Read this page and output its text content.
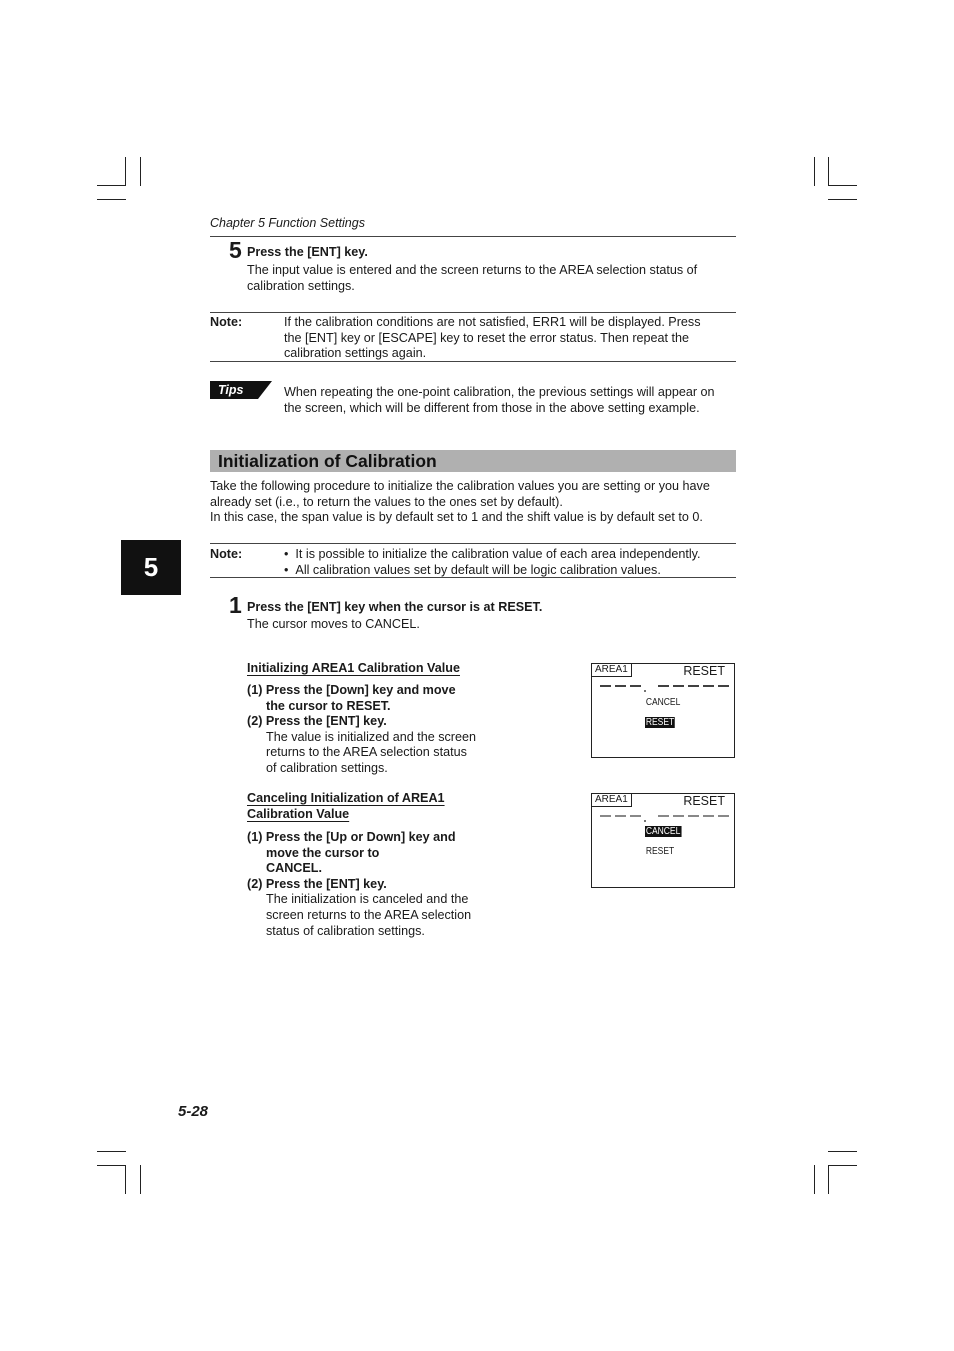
Chapter 5 Function Settings
5 Press the [ENT] key.
The input value is entered and the screen returns to the AREA selection status of
calibration settings.
Note:	If the calibration conditions are not satisfied, ERR1 will be displayed. Press
the [ENT] key or [ESCAPE] key to reset the error status. Then repeat the
calibration settings again.
Tips	When repeating the one-point calibration, the previous settings will appear on
the screen, which will be different from those in the above setting example.
Initialization of Calibration
Take the following procedure to initialize the calibration values you are setting or you have
already set (i.e., to return the values to the ones set by default).
In this case, the span value is by default set to 1 and the shift value is by default set to 0.
5	Note:	•  It is possible to initialize the calibration value of each area independently.
•  All calibration values set by default will be logic calibration values.
1 Press the [ENT] key when the cursor is at RESET.
The cursor moves to CANCEL.
Initializing AREA1 Calibration Value
(1) Press the [Down] key and move
the cursor to RESET.
(2) Press the [ENT] key.
The value is initialized and the screen
returns to the AREA selection status
of calibration settings.
Canceling Initialization of AREA1
Calibration Value
(1) Press the [Up or Down] key and
move the cursor to
CANCEL.
(2) Press the [ENT] key.
The initialization is canceled and the
screen returns to the AREA selection
status of calibration settings.
AREA1	RESET
CANCEL
RESET
AREA1	RESET
CANCEL
RESET
5-28
